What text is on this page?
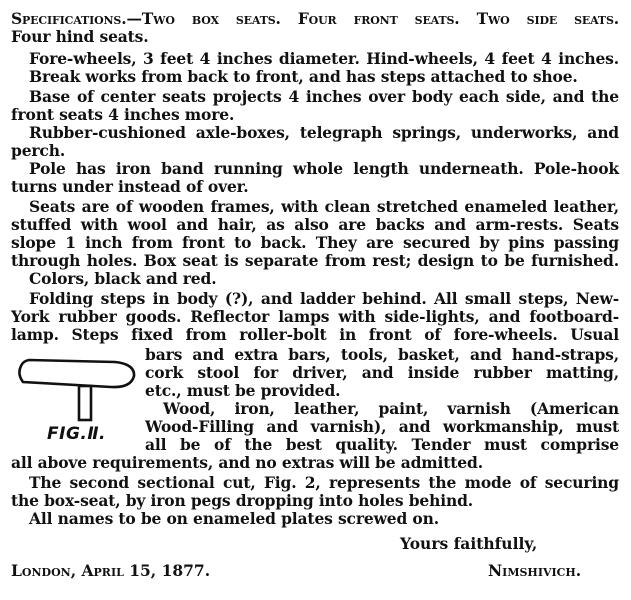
Specifications.—Two box seats. Four front seats. Two side seats.
Four hind seats.
Fore-wheels, 3 feet 4 inches diameter. Hind-wheels, 4 feet 4 inches.
Break works from back to front, and has steps attached to shoe.
Base of center seats projects 4 inches over body each side, and the
front seats 4 inches more.
Rubber-cushioned axle-boxes, telegraph springs, underworks, and
perch.
Pole has iron band running whole length underneath. Pole-hook
turns under instead of over.
Seats are of wooden frames, with clean stretched enameled leather,
stuffed with wool and hair, as also are backs and arm-rests. Seats
slope 1 inch from front to back. They are secured by pins passing
through holes. Box seat is separate from rest; design to be furnished.
Colors, black and red.
Folding steps in body (?), and ladder behind. All small steps, New-
York rubber goods. Reflector lamps with side-lights, and footboard-
lamp. Steps fixed from roller-bolt in front of fore-wheels. Usual
bars and extra bars, tools, basket, and hand-straps,
cork stool for driver, and inside rubber matting,
etc., must be provided.
Wood, iron, leather, paint, varnish (American
Wood-Filling and varnish), and workmanship, must
all be of the best quality. Tender must comprise
all above requirements, and no extras will be admitted.
The second sectional cut, Fig. 2, represents the mode of securing
the box-seat, by iron pegs dropping into holes behind.
All names to be on enameled plates screwed on.
FIG.Ⅱ.
Yours faithfully,
London, April 15, 1877.	Nimshivich.
